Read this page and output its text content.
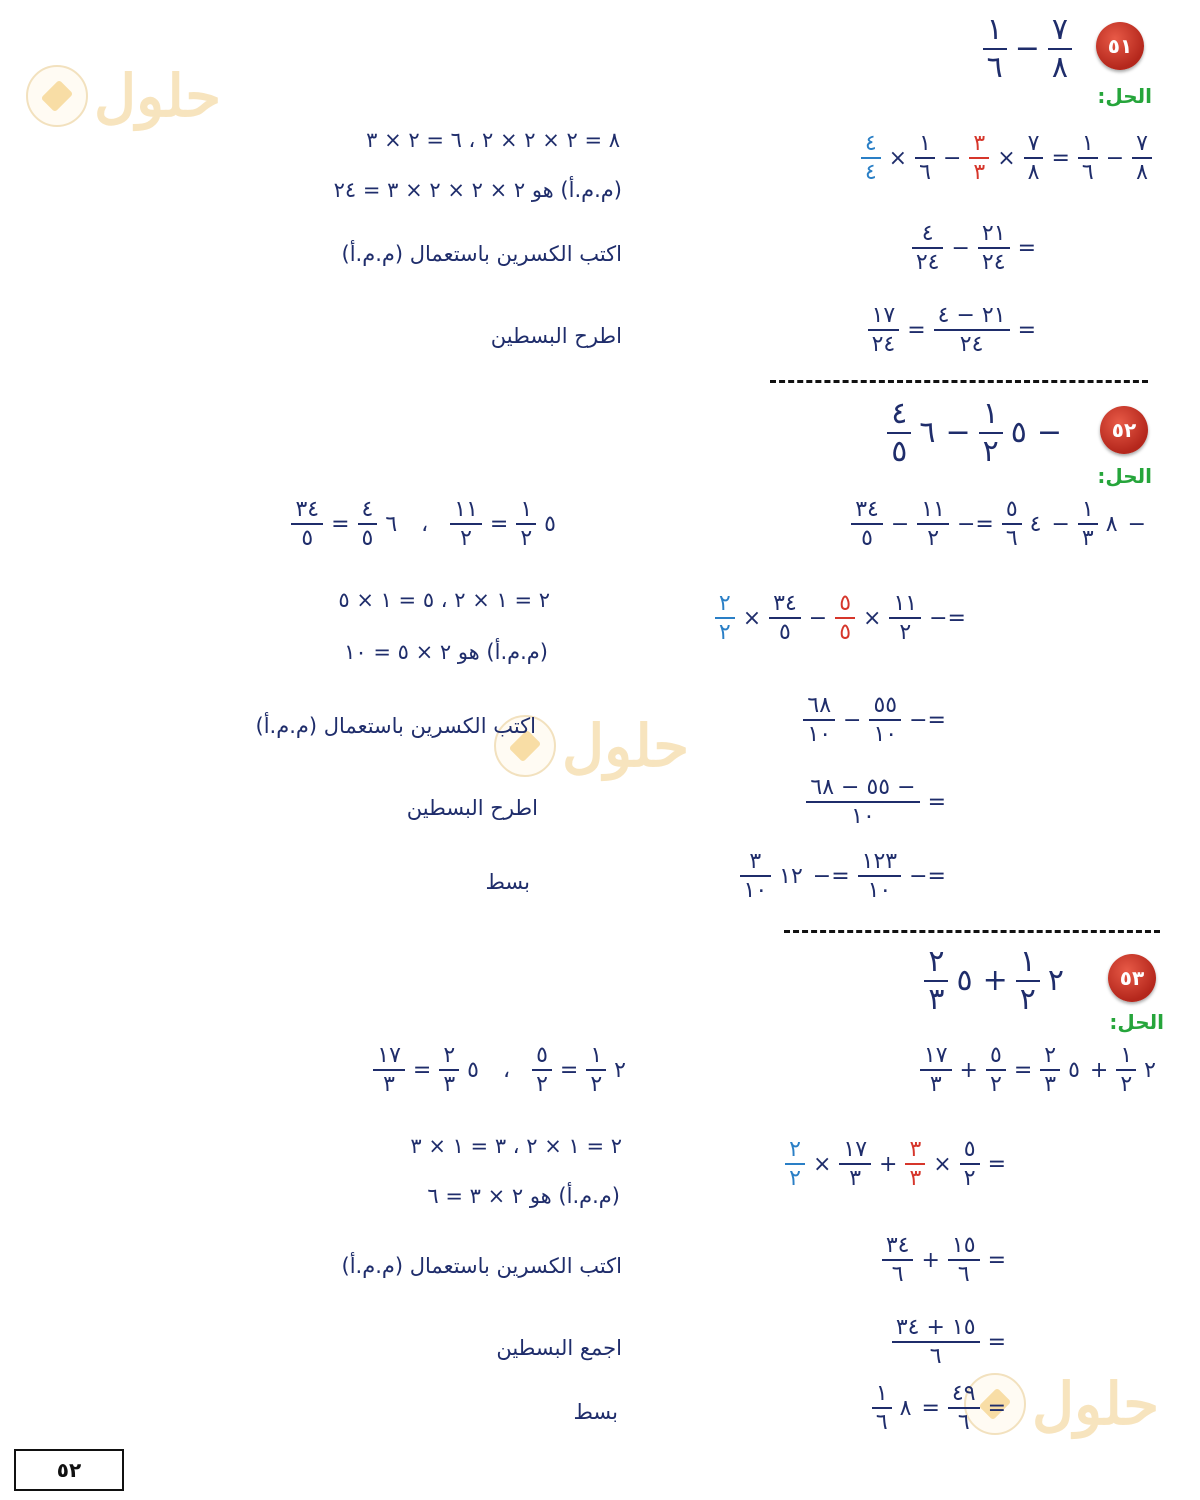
حلول
حلول
حلول
٥١
$\frac{٧}{٨}$
−
$\frac{١}{٦}$
الحل:
$\frac{٧}{٨}$
−
$\frac{١}{٦}$
=
$\frac{٧}{٨}$
×
$\frac{٣}{٣}$
−
$\frac{١}{٦}$
×
$\frac{٤}{٤}$
=
$\frac{٢١}{٢٤}$
−
$\frac{٤}{٢٤}$
=
$\frac{٢١ - ٤}{٢٤}$
=
$\frac{١٧}{٢٤}$
٨ = ٢ × ٢ × ٢ ، ٦ = ٢ × ٣
(م.م.أ) هو ٢ × ٢ × ٢ × ٣ = ٢٤
اكتب الكسرين باستعمال (م.م.أ)
اطرح البسطين
٥٢
−
٥
$\frac{١}{٢}$
−
٦
$\frac{٤}{٥}$
الحل:
−
٨
$\frac{١}{٣}$
−
٤
$\frac{٥}{٦}$
=−
$\frac{١١}{٢}$
−
$\frac{٣٤}{٥}$
=−
$\frac{١١}{٢}$
×
$\frac{٥}{٥}$
−
$\frac{٣٤}{٥}$
×
$\frac{٢}{٢}$
=−
$\frac{٥٥}{١٠}$
−
$\frac{٦٨}{١٠}$
=
$\frac{- ٥٥ - ٦٨}{١٠}$
=−
$\frac{١٢٣}{١٠}$
=−
١٢
$\frac{٣}{١٠}$
٥
$\frac{١}{٢}$
=
$\frac{١١}{٢}$
،
٦
$\frac{٤}{٥}$
=
$\frac{٣٤}{٥}$
٢ = ١ × ٢ ، ٥ = ١ × ٥
(م.م.أ) هو ٢ × ٥ = ١٠
اكتب الكسرين باستعمال (م.م.أ)
اطرح البسطين
بسط
٥٣
٢
$\frac{١}{٢}$
+
٥
$\frac{٢}{٣}$
الحل:
٢
$\frac{١}{٢}$
+
٥
$\frac{٢}{٣}$
=
$\frac{٥}{٢}$
+
$\frac{١٧}{٣}$
=
$\frac{٥}{٢}$
×
$\frac{٣}{٣}$
+
$\frac{١٧}{٣}$
×
$\frac{٢}{٢}$
=
$\frac{١٥}{٦}$
+
$\frac{٣٤}{٦}$
=
$\frac{١٥ + ٣٤}{٦}$
=
$\frac{٤٩}{٦}$
=
٨
$\frac{١}{٦}$
٢
$\frac{١}{٢}$
=
$\frac{٥}{٢}$
،
٥
$\frac{٢}{٣}$
=
$\frac{١٧}{٣}$
٢ = ١ × ٢ ، ٣ = ١ × ٣
(م.م.أ) هو ٢ × ٣ = ٦
اكتب الكسرين باستعمال (م.م.أ)
اجمع البسطين
بسط
٥٢
